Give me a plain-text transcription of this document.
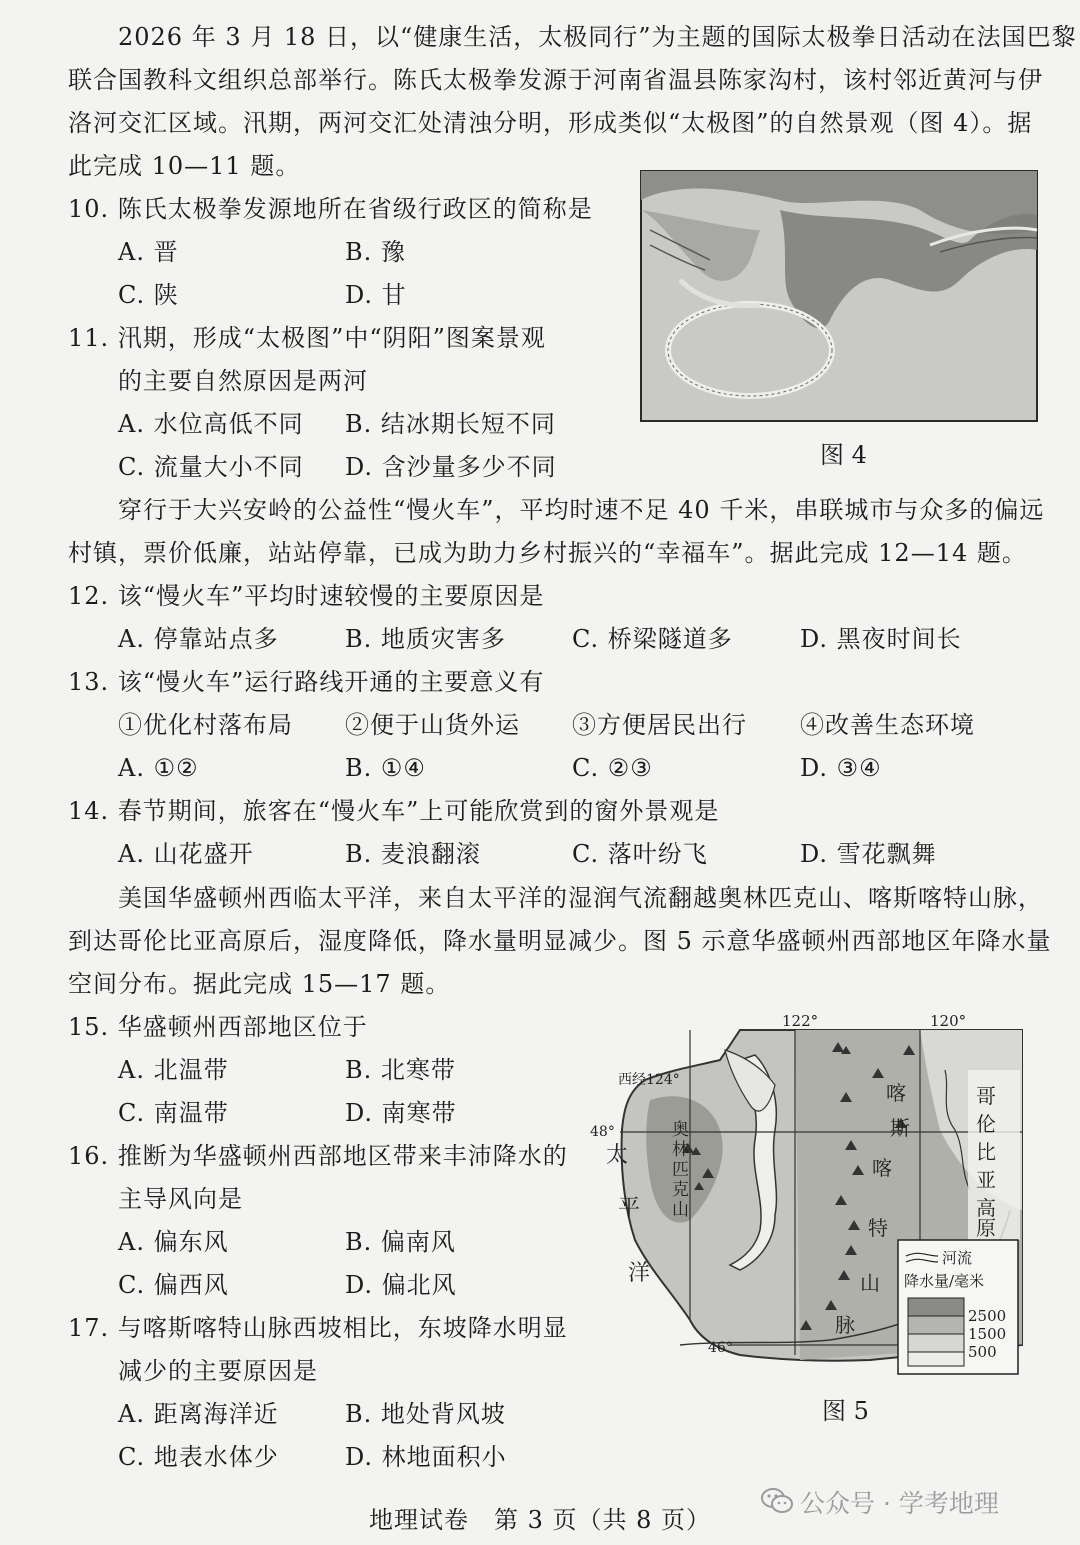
2026 年 3 月 18 日，以“健康生活，太极同行”为主题的国际太极拳日活动在法国巴黎
联合国教科文组织总部举行。陈氏太极拳发源于河南省温县陈家沟村，该村邻近黄河与伊
洛河交汇区域。汛期，两河交汇处清浊分明，形成类似“太极图”的自然景观（图 4）。据
此完成 10—11 题。
10. 陈氏太极拳发源地所在省级行政区的简称是
A. 晋	B. 豫
C. 陕	D. 甘
11. 汛期，形成“太极图”中“阴阳”图案景观
的主要自然原因是两河
A. 水位高低不同 B. 结冰期长短不同
C. 流量大小不同 D. 含沙量多少不同	图 4
穿行于大兴安岭的公益性“慢火车”，平均时速不足 40 千米，串联城市与众多的偏远
村镇，票价低廉，站站停靠，已成为助力乡村振兴的“幸福车”。据此完成 12—14 题。
12. 该“慢火车”平均时速较慢的主要原因是
A. 停靠站点多	B. 地质灾害多	C. 桥梁隧道多	D. 黑夜时间长
13. 该“慢火车”运行路线开通的主要意义有
①优化村落布局 ②便于山货外运 ③方便居民出行 ④改善生态环境
A. ①②	B. ①④	C. ②③	D. ③④
14. 春节期间，旅客在“慢火车”上可能欣赏到的窗外景观是
A. 山花盛开	B. 麦浪翻滚	C. 落叶纷飞	D. 雪花飘舞
美国华盛顿州西临太平洋，来自太平洋的湿润气流翻越奥林匹克山、喀斯喀特山脉，
到达哥伦比亚高原后，湿度降低，降水量明显减少。图 5 示意华盛顿州西部地区年降水量
空间分布。据此完成 15—17 题。
15. 华盛顿州西部地区位于
A. 北温带	B. 北寒带
C. 南温带	D. 南寒带
16. 推断为华盛顿州西部地区带来丰沛降水的
主导风向是
A. 偏东风	B. 偏南风
C. 偏西风	D. 偏北风
17. 与喀斯喀特山脉西坡相比，东坡降水明显
减少的主要原因是
A. 距离海洋近	B. 地处背风坡
C. 地表水体少	D. 林地面积小
122°	120°
西经124°
48°
46°
太
平
洋
奥
林
匹
克
山
喀
斯
喀
特
山
脉
哥
伦
比
亚
高
原
河流
降水量/毫米
2500
1500
500
图 5
公众号 · 学考地理
地理试卷　第 3 页（共 8 页）
